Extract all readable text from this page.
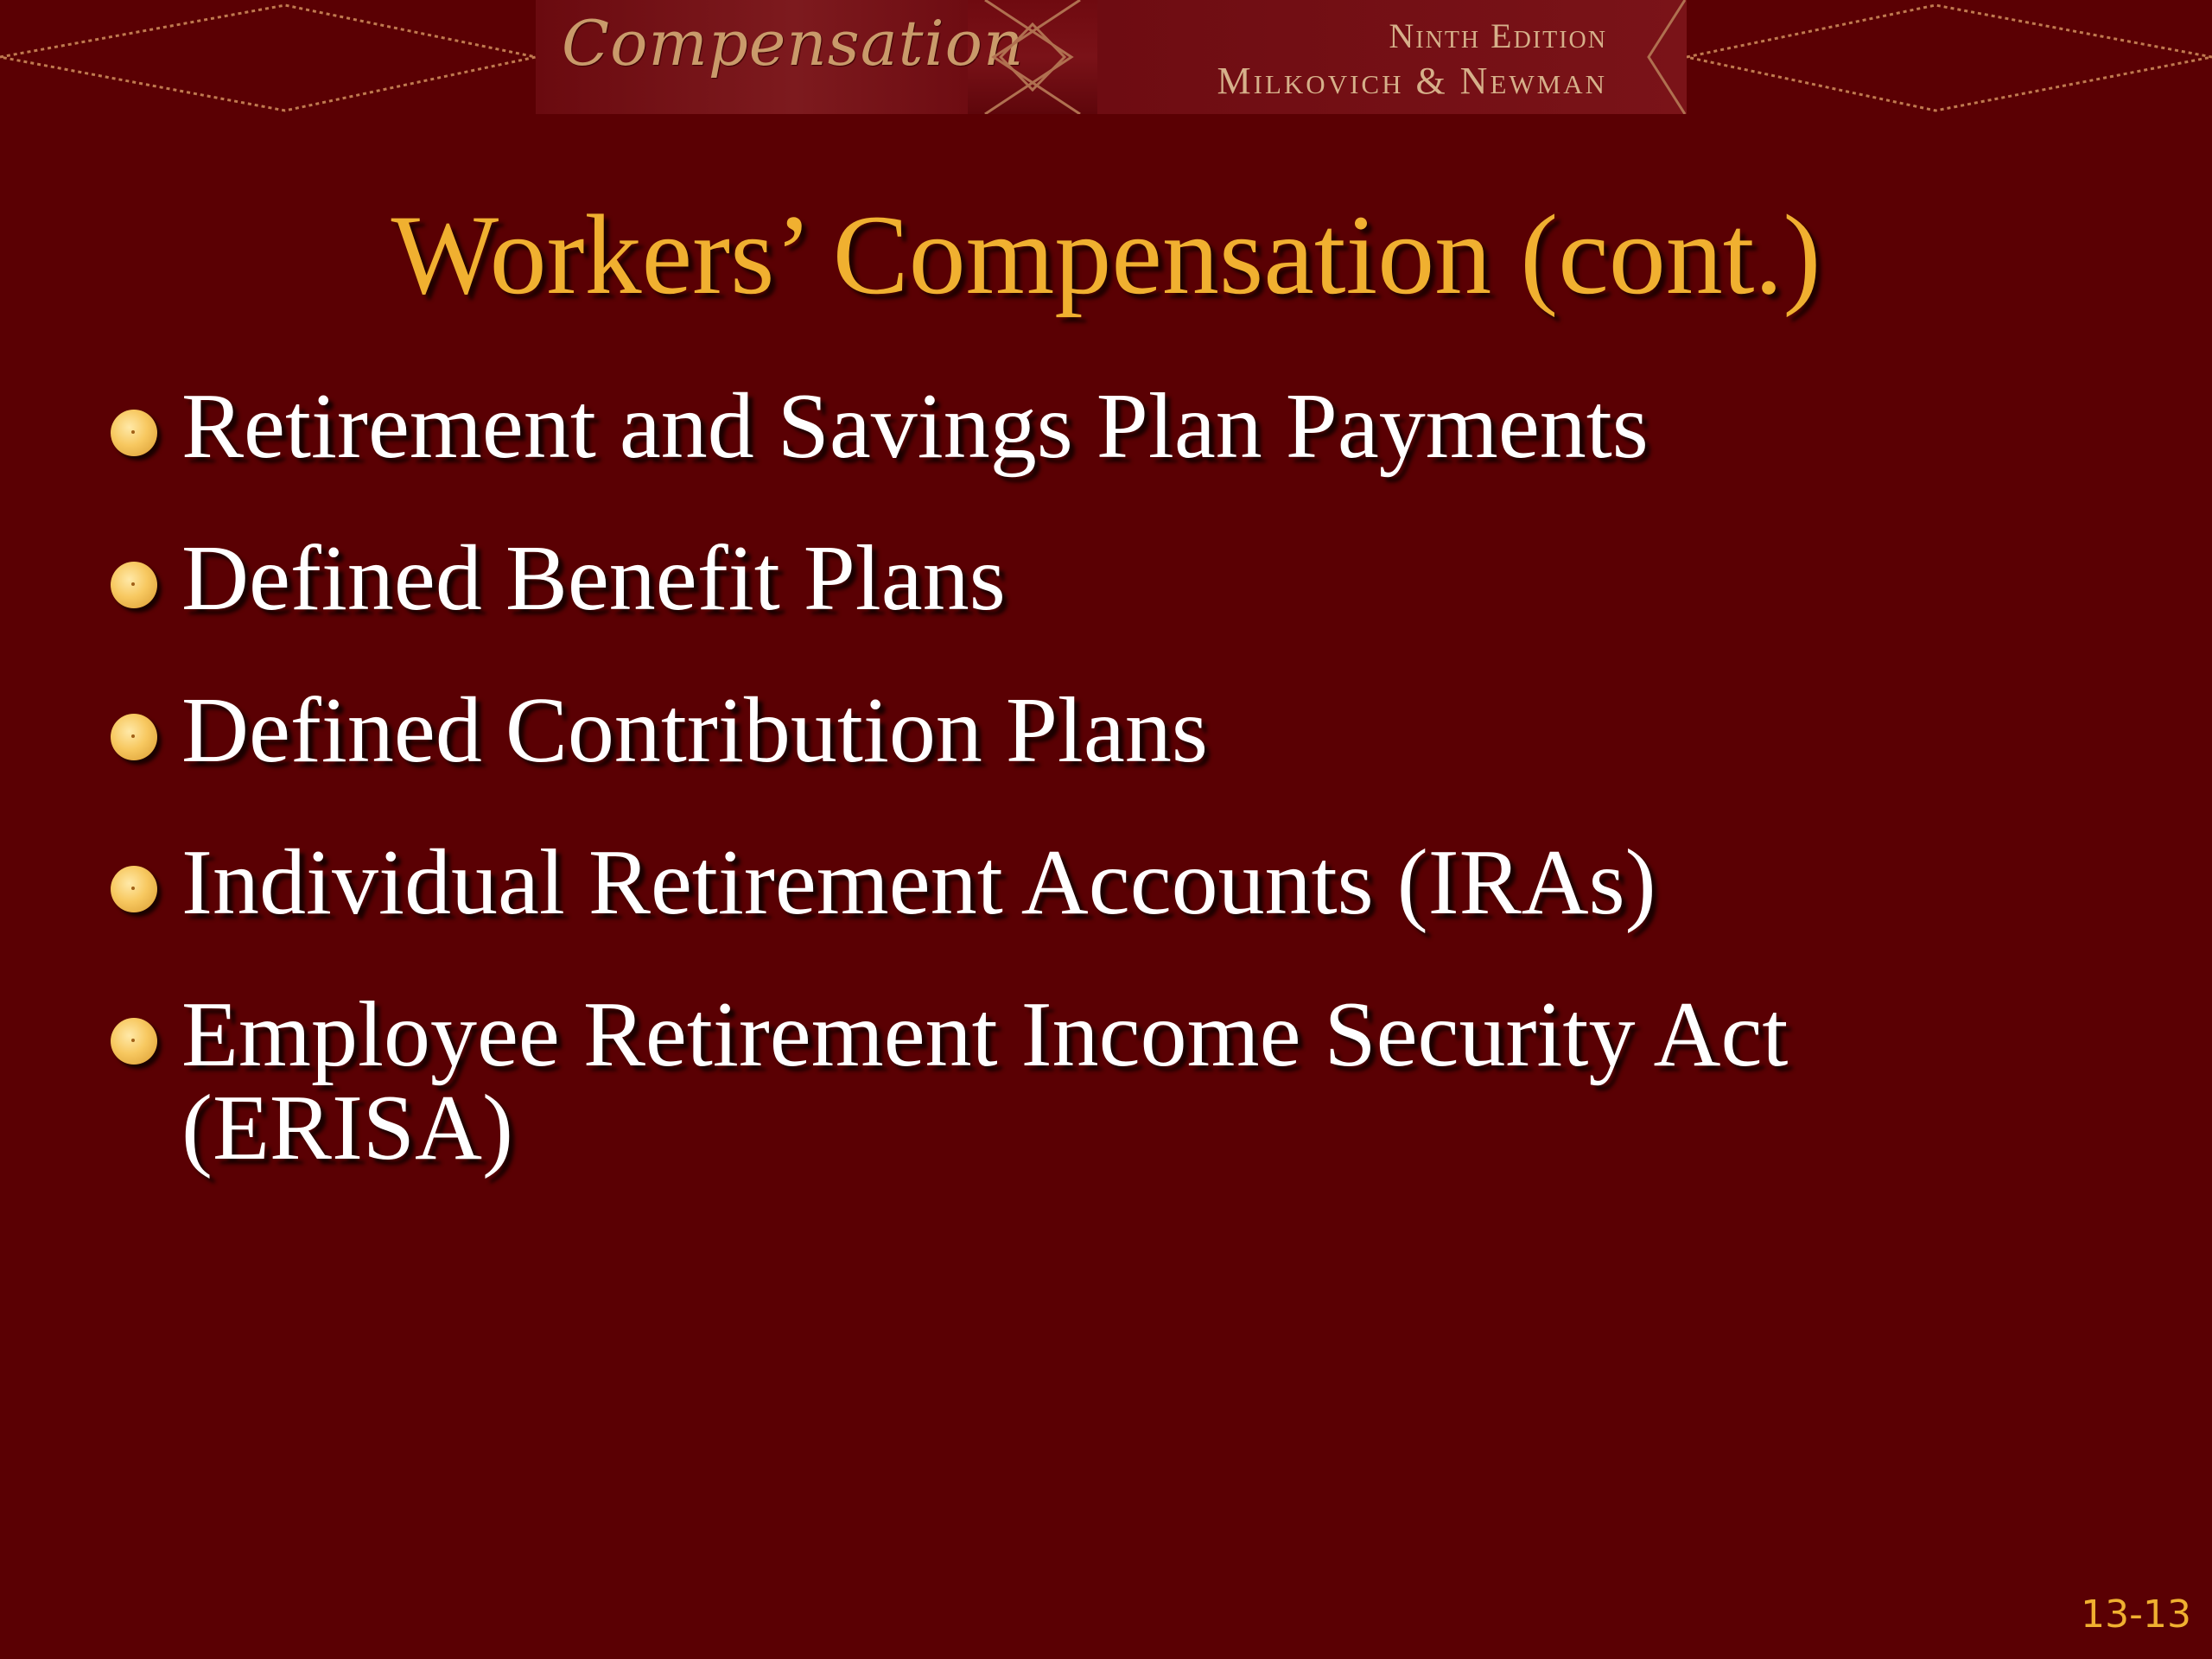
Compensation	Ninth Edition
Milkovich & Newman
Workers’ Compensation (cont.)
Retirement and Savings Plan Payments
Defined Benefit Plans
Defined Contribution Plans
Individual Retirement Accounts (IRAs)
Employee Retirement Income Security Act (ERISA)
13-13
